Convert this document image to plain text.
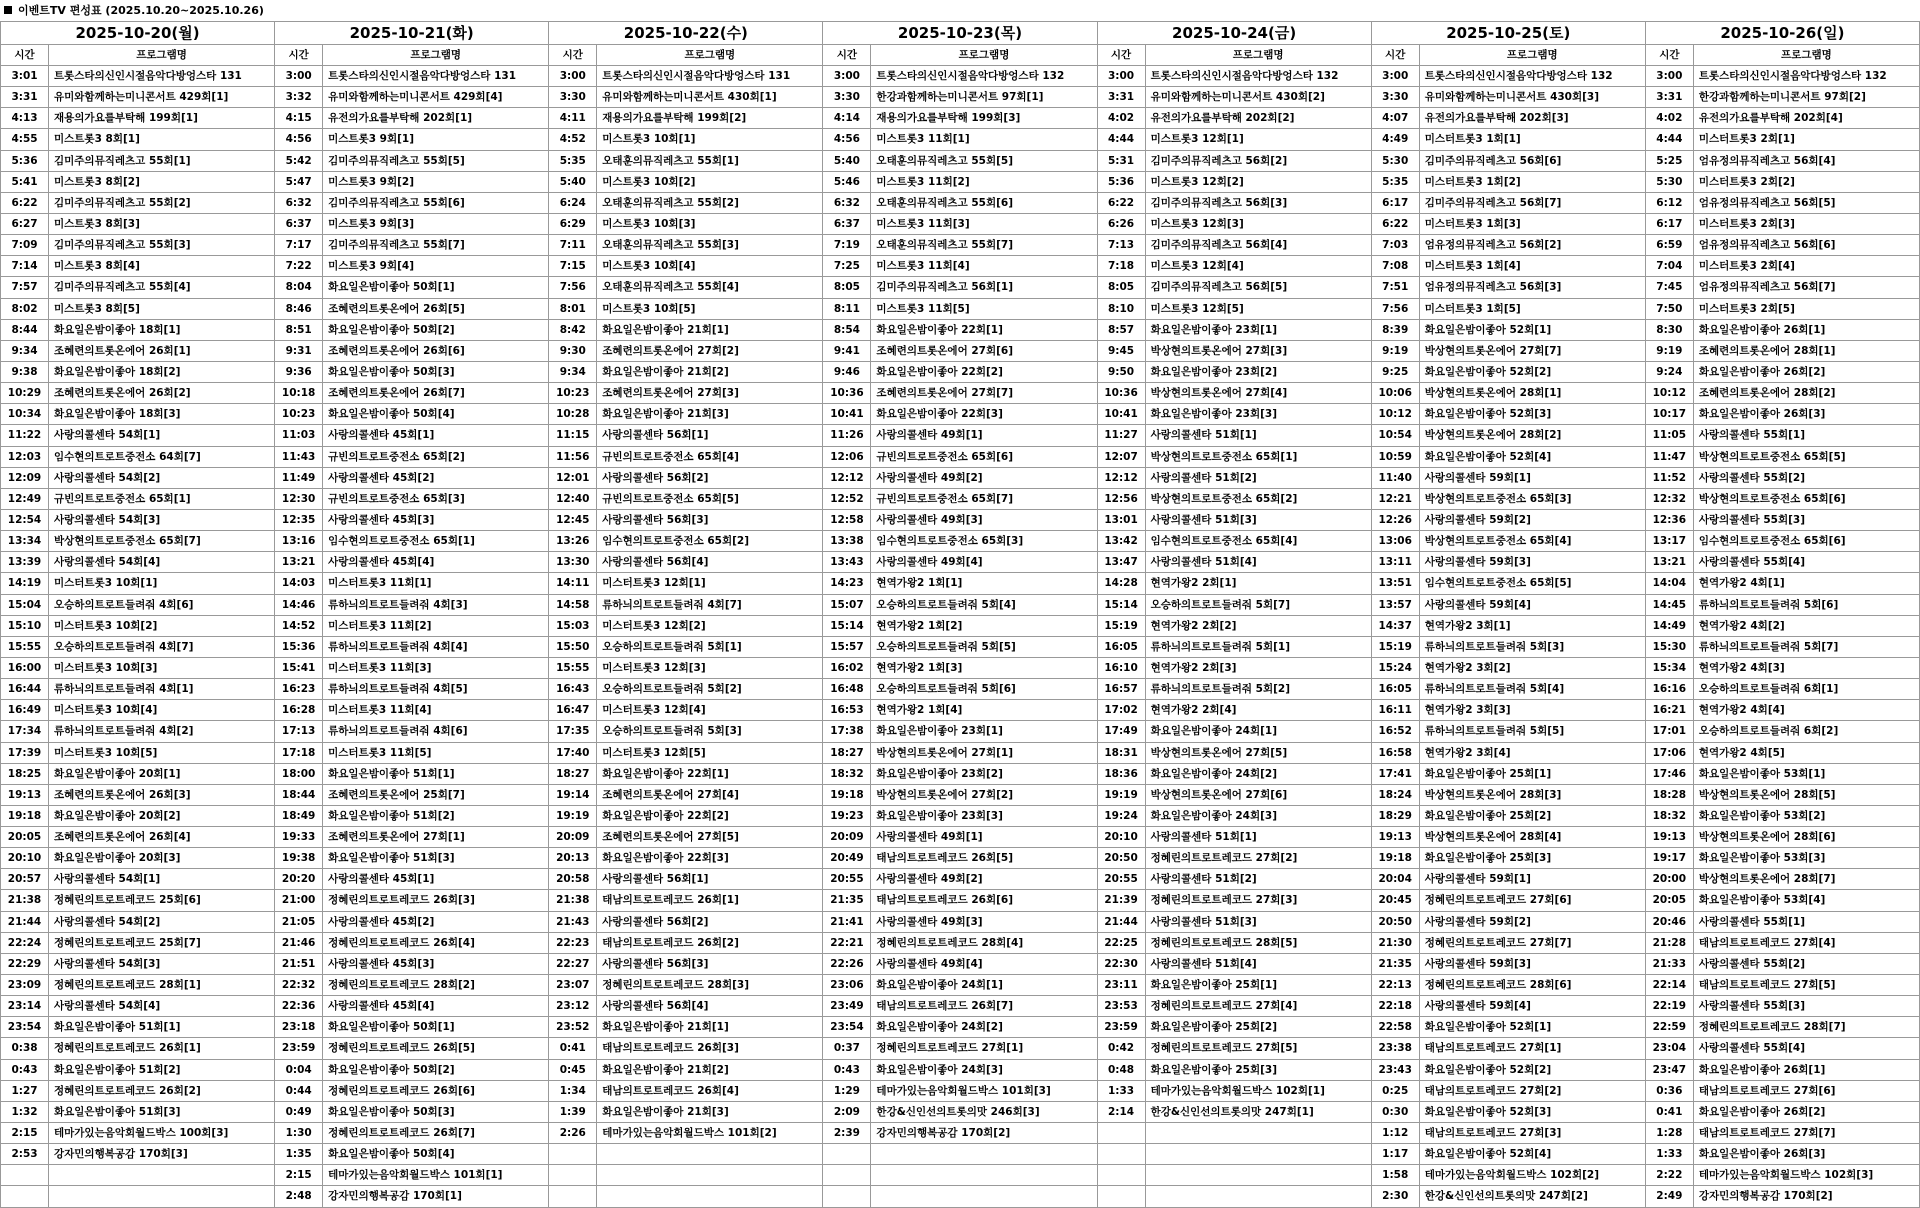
이벤트TV 편성표 (2025.10.20~2025.10.26)
2025-10-20(월)
시간	프로그램명
3:01	트롯스타의신인시절음악다방엉스타 131
3:31	유미와함께하는미니콘서트 429회[1]
4:13	재용의가요를부탁해 199회[1]
4:55	미스트롯3 8회[1]
5:36	김미주의뮤직레츠고 55회[1]
5:41	미스트롯3 8회[2]
6:22	김미주의뮤직레츠고 55회[2]
6:27	미스트롯3 8회[3]
7:09	김미주의뮤직레츠고 55회[3]
7:14	미스트롯3 8회[4]
7:57	김미주의뮤직레츠고 55회[4]
8:02	미스트롯3 8회[5]
8:44	화요일은밤이좋아 18회[1]
9:34	조혜련의트롯온에어 26회[1]
9:38	화요일은밤이좋아 18회[2]
10:29	조혜련의트롯온에어 26회[2]
10:34	화요일은밤이좋아 18회[3]
11:22	사랑의콜센타 54회[1]
12:03	임수현의트로트중전소 64회[7]
12:09	사랑의콜센타 54회[2]
12:49	규빈의트로트중전소 65회[1]
12:54	사랑의콜센타 54회[3]
13:34	박상현의트로트중전소 65회[7]
13:39	사랑의콜센타 54회[4]
14:19	미스터트롯3 10회[1]
15:04	오승하의트로트들려줘 4회[6]
15:10	미스터트롯3 10회[2]
15:55	오승하의트로트들려줘 4회[7]
16:00	미스터트롯3 10회[3]
16:44	류하늬의트로트들려줘 4회[1]
16:49	미스터트롯3 10회[4]
17:34	류하늬의트로트들려줘 4회[2]
17:39	미스터트롯3 10회[5]
18:25	화요일은밤이좋아 20회[1]
19:13	조혜련의트롯온에어 26회[3]
19:18	화요일은밤이좋아 20회[2]
20:05	조혜련의트롯온에어 26회[4]
20:10	화요일은밤이좋아 20회[3]
20:57	사랑의콜센타 54회[1]
21:38	정혜린의트로트레코드 25회[6]
21:44	사랑의콜센타 54회[2]
22:24	정혜린의트로트레코드 25회[7]
22:29	사랑의콜센타 54회[3]
23:09	정혜린의트로트레코드 28회[1]
23:14	사랑의콜센타 54회[4]
23:54	화요일은밤이좋아 51회[1]
0:38	정혜린의트로트레코드 26회[1]
0:43	화요일은밤이좋아 51회[2]
1:27	정혜린의트로트레코드 26회[2]
1:32	화요일은밤이좋아 51회[3]
2:15	테마가있는음악회월드박스 100회[3]
2:53	강자민의행복공감 170회[3]
2025-10-21(화)
시간	프로그램명
3:00	트롯스타의신인시절음악다방엉스타 131
3:32	유미와함께하는미니콘서트 429회[4]
4:15	유전의가요를부탁해 202회[1]
4:56	미스트롯3 9회[1]
5:42	김미주의뮤직레츠고 55회[5]
5:47	미스트롯3 9회[2]
6:32	김미주의뮤직레츠고 55회[6]
6:37	미스트롯3 9회[3]
7:17	김미주의뮤직레츠고 55회[7]
7:22	미스트롯3 9회[4]
8:04	화요일은밤이좋아 50회[1]
8:46	조혜련의트롯온에어 26회[5]
8:51	화요일은밤이좋아 50회[2]
9:31	조혜련의트롯온에어 26회[6]
9:36	화요일은밤이좋아 50회[3]
10:18	조혜련의트롯온에어 26회[7]
10:23	화요일은밤이좋아 50회[4]
11:03	사랑의콜센타 45회[1]
11:43	규빈의트로트중전소 65회[2]
11:49	사랑의콜센타 45회[2]
12:30	규빈의트로트중전소 65회[3]
12:35	사랑의콜센타 45회[3]
13:16	임수현의트로트중전소 65회[1]
13:21	사랑의콜센타 45회[4]
14:03	미스터트롯3 11회[1]
14:46	류하늬의트로트들려줘 4회[3]
14:52	미스터트롯3 11회[2]
15:36	류하늬의트로트들려줘 4회[4]
15:41	미스터트롯3 11회[3]
16:23	류하늬의트로트들려줘 4회[5]
16:28	미스터트롯3 11회[4]
17:13	류하늬의트로트들려줘 4회[6]
17:18	미스터트롯3 11회[5]
18:00	화요일은밤이좋아 51회[1]
18:44	조혜련의트롯온에어 25회[7]
18:49	화요일은밤이좋아 51회[2]
19:33	조혜련의트롯온에어 27회[1]
19:38	화요일은밤이좋아 51회[3]
20:20	사랑의콜센타 45회[1]
21:00	정혜린의트로트레코드 26회[3]
21:05	사랑의콜센타 45회[2]
21:46	정혜린의트로트레코드 26회[4]
21:51	사랑의콜센타 45회[3]
22:32	정혜린의트로트레코드 28회[2]
22:36	사랑의콜센타 45회[4]
23:18	화요일은밤이좋아 50회[1]
23:59	정혜린의트로트레코드 26회[5]
0:04	화요일은밤이좋아 50회[2]
0:44	정혜린의트로트레코드 26회[6]
0:49	화요일은밤이좋아 50회[3]
1:30	정혜린의트로트레코드 26회[7]
1:35	화요일은밤이좋아 50회[4]
2:15	테마가있는음악회월드박스 101회[1]
2:48	강자민의행복공감 170회[1]
2025-10-22(수)
시간	프로그램명
3:00	트롯스타의신인시절음악다방엉스타 131
3:30	유미와함께하는미니콘서트 430회[1]
4:11	재용의가요를부탁해 199회[2]
4:52	미스트롯3 10회[1]
5:35	오태훈의뮤직레츠고 55회[1]
5:40	미스트롯3 10회[2]
6:24	오태훈의뮤직레츠고 55회[2]
6:29	미스트롯3 10회[3]
7:11	오태훈의뮤직레츠고 55회[3]
7:15	미스트롯3 10회[4]
7:56	오태훈의뮤직레츠고 55회[4]
8:01	미스트롯3 10회[5]
8:42	화요일은밤이좋아 21회[1]
9:30	조혜련의트롯온에어 27회[2]
9:34	화요일은밤이좋아 21회[2]
10:23	조혜련의트롯온에어 27회[3]
10:28	화요일은밤이좋아 21회[3]
11:15	사랑의콜센타 56회[1]
11:56	규빈의트로트중전소 65회[4]
12:01	사랑의콜센타 56회[2]
12:40	규빈의트로트중전소 65회[5]
12:45	사랑의콜센타 56회[3]
13:26	임수현의트로트중전소 65회[2]
13:30	사랑의콜센타 56회[4]
14:11	미스터트롯3 12회[1]
14:58	류하늬의트로트들려줘 4회[7]
15:03	미스터트롯3 12회[2]
15:50	오승하의트로트들려줘 5회[1]
15:55	미스터트롯3 12회[3]
16:43	오승하의트로트들려줘 5회[2]
16:47	미스터트롯3 12회[4]
17:35	오승하의트로트들려줘 5회[3]
17:40	미스터트롯3 12회[5]
18:27	화요일은밤이좋아 22회[1]
19:14	조혜련의트롯온에어 27회[4]
19:19	화요일은밤이좋아 22회[2]
20:09	조혜련의트롯온에어 27회[5]
20:13	화요일은밤이좋아 22회[3]
20:58	사랑의콜센타 56회[1]
21:38	태남의트로트레코드 26회[1]
21:43	사랑의콜센타 56회[2]
22:23	태남의트로트레코드 26회[2]
22:27	사랑의콜센타 56회[3]
23:07	정혜린의트로트레코드 28회[3]
23:12	사랑의콜센타 56회[4]
23:52	화요일은밤이좋아 21회[1]
0:41	태남의트로트레코드 26회[3]
0:45	화요일은밤이좋아 21회[2]
1:34	태남의트로트레코드 26회[4]
1:39	화요일은밤이좋아 21회[3]
2:26	테마가있는음악회월드박스 101회[2]
2025-10-23(목)
시간	프로그램명
3:00	트롯스타의신인시절음악다방엉스타 132
3:30	한강과함께하는미니콘서트 97회[1]
4:14	재용의가요를부탁해 199회[3]
4:56	미스트롯3 11회[1]
5:40	오태훈의뮤직레츠고 55회[5]
5:46	미스트롯3 11회[2]
6:32	오태훈의뮤직레츠고 55회[6]
6:37	미스트롯3 11회[3]
7:19	오태훈의뮤직레츠고 55회[7]
7:25	미스트롯3 11회[4]
8:05	김미주의뮤직레츠고 56회[1]
8:11	미스트롯3 11회[5]
8:54	화요일은밤이좋아 22회[1]
9:41	조혜련의트롯온에어 27회[6]
9:46	화요일은밤이좋아 22회[2]
10:36	조혜련의트롯온에어 27회[7]
10:41	화요일은밤이좋아 22회[3]
11:26	사랑의콜센타 49회[1]
12:06	규빈의트로트중전소 65회[6]
12:12	사랑의콜센타 49회[2]
12:52	규빈의트로트중전소 65회[7]
12:58	사랑의콜센타 49회[3]
13:38	임수현의트로트중전소 65회[3]
13:43	사랑의콜센타 49회[4]
14:23	현역가왕2 1회[1]
15:07	오승하의트로트들려줘 5회[4]
15:14	현역가왕2 1회[2]
15:57	오승하의트로트들려줘 5회[5]
16:02	현역가왕2 1회[3]
16:48	오승하의트로트들려줘 5회[6]
16:53	현역가왕2 1회[4]
17:38	화요일은밤이좋아 23회[1]
18:27	박상현의트롯온에어 27회[1]
18:32	화요일은밤이좋아 23회[2]
19:18	박상현의트롯온에어 27회[2]
19:23	화요일은밤이좋아 23회[3]
20:09	사랑의콜센타 49회[1]
20:49	태남의트로트레코드 26회[5]
20:55	사랑의콜센타 49회[2]
21:35	태남의트로트레코드 26회[6]
21:41	사랑의콜센타 49회[3]
22:21	정혜린의트로트레코드 28회[4]
22:26	사랑의콜센타 49회[4]
23:06	화요일은밤이좋아 24회[1]
23:49	태남의트로트레코드 26회[7]
23:54	화요일은밤이좋아 24회[2]
0:37	정혜린의트로트레코드 27회[1]
0:43	화요일은밤이좋아 24회[3]
1:29	테마가있는음악회월드박스 101회[3]
2:09	한강&신인선의트롯의맛 246회[3]
2:39	강자민의행복공감 170회[2]
2025-10-24(금)
시간	프로그램명
3:00	트롯스타의신인시절음악다방엉스타 132
3:31	유미와함께하는미니콘서트 430회[2]
4:02	유전의가요를부탁해 202회[2]
4:44	미스트롯3 12회[1]
5:31	김미주의뮤직레츠고 56회[2]
5:36	미스트롯3 12회[2]
6:22	김미주의뮤직레츠고 56회[3]
6:26	미스트롯3 12회[3]
7:13	김미주의뮤직레츠고 56회[4]
7:18	미스트롯3 12회[4]
8:05	김미주의뮤직레츠고 56회[5]
8:10	미스트롯3 12회[5]
8:57	화요일은밤이좋아 23회[1]
9:45	박상현의트롯온에어 27회[3]
9:50	화요일은밤이좋아 23회[2]
10:36	박상현의트롯온에어 27회[4]
10:41	화요일은밤이좋아 23회[3]
11:27	사랑의콜센타 51회[1]
12:07	박상현의트로트중전소 65회[1]
12:12	사랑의콜센타 51회[2]
12:56	박상현의트로트중전소 65회[2]
13:01	사랑의콜센타 51회[3]
13:42	임수현의트로트중전소 65회[4]
13:47	사랑의콜센타 51회[4]
14:28	현역가왕2 2회[1]
15:14	오승하의트로트들려줘 5회[7]
15:19	현역가왕2 2회[2]
16:05	류하늬의트로트들려줘 5회[1]
16:10	현역가왕2 2회[3]
16:57	류하늬의트로트들려줘 5회[2]
17:02	현역가왕2 2회[4]
17:49	화요일은밤이좋아 24회[1]
18:31	박상현의트롯온에어 27회[5]
18:36	화요일은밤이좋아 24회[2]
19:19	박상현의트롯온에어 27회[6]
19:24	화요일은밤이좋아 24회[3]
20:10	사랑의콜센타 51회[1]
20:50	정혜린의트로트레코드 27회[2]
20:55	사랑의콜센타 51회[2]
21:39	정혜린의트로트레코드 27회[3]
21:44	사랑의콜센타 51회[3]
22:25	정혜린의트로트레코드 28회[5]
22:30	사랑의콜센타 51회[4]
23:11	화요일은밤이좋아 25회[1]
23:53	정혜린의트로트레코드 27회[4]
23:59	화요일은밤이좋아 25회[2]
0:42	정혜린의트로트레코드 27회[5]
0:48	화요일은밤이좋아 25회[3]
1:33	테마가있는음악회월드박스 102회[1]
2:14	한강&신인선의트롯의맛 247회[1]
2025-10-25(토)
시간	프로그램명
3:00	트롯스타의신인시절음악다방엉스타 132
3:30	유미와함께하는미니콘서트 430회[3]
4:07	유전의가요를부탁해 202회[3]
4:49	미스터트롯3 1회[1]
5:30	김미주의뮤직레츠고 56회[6]
5:35	미스터트롯3 1회[2]
6:17	김미주의뮤직레츠고 56회[7]
6:22	미스터트롯3 1회[3]
7:03	엄유정의뮤직레츠고 56회[2]
7:08	미스터트롯3 1회[4]
7:51	엄유정의뮤직레츠고 56회[3]
7:56	미스터트롯3 1회[5]
8:39	화요일은밤이좋아 52회[1]
9:19	박상현의트롯온에어 27회[7]
9:25	화요일은밤이좋아 52회[2]
10:06	박상현의트롯온에어 28회[1]
10:12	화요일은밤이좋아 52회[3]
10:54	박상현의트롯온에어 28회[2]
10:59	화요일은밤이좋아 52회[4]
11:40	사랑의콜센타 59회[1]
12:21	박상현의트로트중전소 65회[3]
12:26	사랑의콜센타 59회[2]
13:06	박상현의트로트중전소 65회[4]
13:11	사랑의콜센타 59회[3]
13:51	임수현의트로트중전소 65회[5]
13:57	사랑의콜센타 59회[4]
14:37	현역가왕2 3회[1]
15:19	류하늬의트로트들려줘 5회[3]
15:24	현역가왕2 3회[2]
16:05	류하늬의트로트들려줘 5회[4]
16:11	현역가왕2 3회[3]
16:52	류하늬의트로트들려줘 5회[5]
16:58	현역가왕2 3회[4]
17:41	화요일은밤이좋아 25회[1]
18:24	박상현의트롯온에어 28회[3]
18:29	화요일은밤이좋아 25회[2]
19:13	박상현의트롯온에어 28회[4]
19:18	화요일은밤이좋아 25회[3]
20:04	사랑의콜센타 59회[1]
20:45	정혜린의트로트레코드 27회[6]
20:50	사랑의콜센타 59회[2]
21:30	정혜린의트로트레코드 27회[7]
21:35	사랑의콜센타 59회[3]
22:13	정혜린의트로트레코드 28회[6]
22:18	사랑의콜센타 59회[4]
22:58	화요일은밤이좋아 52회[1]
23:38	태남의트로트레코드 27회[1]
23:43	화요일은밤이좋아 52회[2]
0:25	태남의트로트레코드 27회[2]
0:30	화요일은밤이좋아 52회[3]
1:12	태남의트로트레코드 27회[3]
1:17	화요일은밤이좋아 52회[4]
1:58	테마가있는음악회월드박스 102회[2]
2:30	한강&신인선의트롯의맛 247회[2]
2025-10-26(일)
시간	프로그램명
3:00	트롯스타의신인시절음악다방엉스타 132
3:31	한강과함께하는미니콘서트 97회[2]
4:02	유전의가요를부탁해 202회[4]
4:44	미스터트롯3 2회[1]
5:25	엄유정의뮤직레츠고 56회[4]
5:30	미스터트롯3 2회[2]
6:12	엄유정의뮤직레츠고 56회[5]
6:17	미스터트롯3 2회[3]
6:59	엄유정의뮤직레츠고 56회[6]
7:04	미스터트롯3 2회[4]
7:45	엄유정의뮤직레츠고 56회[7]
7:50	미스터트롯3 2회[5]
8:30	화요일은밤이좋아 26회[1]
9:19	조혜련의트롯온에어 28회[1]
9:24	화요일은밤이좋아 26회[2]
10:12	조혜련의트롯온에어 28회[2]
10:17	화요일은밤이좋아 26회[3]
11:05	사랑의콜센타 55회[1]
11:47	박상현의트로트중전소 65회[5]
11:52	사랑의콜센타 55회[2]
12:32	박상현의트로트중전소 65회[6]
12:36	사랑의콜센타 55회[3]
13:17	임수현의트로트중전소 65회[6]
13:21	사랑의콜센타 55회[4]
14:04	현역가왕2 4회[1]
14:45	류하늬의트로트들려줘 5회[6]
14:49	현역가왕2 4회[2]
15:30	류하늬의트로트들려줘 5회[7]
15:34	현역가왕2 4회[3]
16:16	오승하의트로트들려줘 6회[1]
16:21	현역가왕2 4회[4]
17:01	오승하의트로트들려줘 6회[2]
17:06	현역가왕2 4회[5]
17:46	화요일은밤이좋아 53회[1]
18:28	박상현의트롯온에어 28회[5]
18:32	화요일은밤이좋아 53회[2]
19:13	박상현의트롯온에어 28회[6]
19:17	화요일은밤이좋아 53회[3]
20:00	박상현의트롯온에어 28회[7]
20:05	화요일은밤이좋아 53회[4]
20:46	사랑의콜센타 55회[1]
21:28	태남의트로트레코드 27회[4]
21:33	사랑의콜센타 55회[2]
22:14	태남의트로트레코드 27회[5]
22:19	사랑의콜센타 55회[3]
22:59	정혜린의트로트레코드 28회[7]
23:04	사랑의콜센타 55회[4]
23:47	화요일은밤이좋아 26회[1]
0:36	태남의트로트레코드 27회[6]
0:41	화요일은밤이좋아 26회[2]
1:28	태남의트로트레코드 27회[7]
1:33	화요일은밤이좋아 26회[3]
2:22	테마가있는음악회월드박스 102회[3]
2:49	강자민의행복공감 170회[2]
